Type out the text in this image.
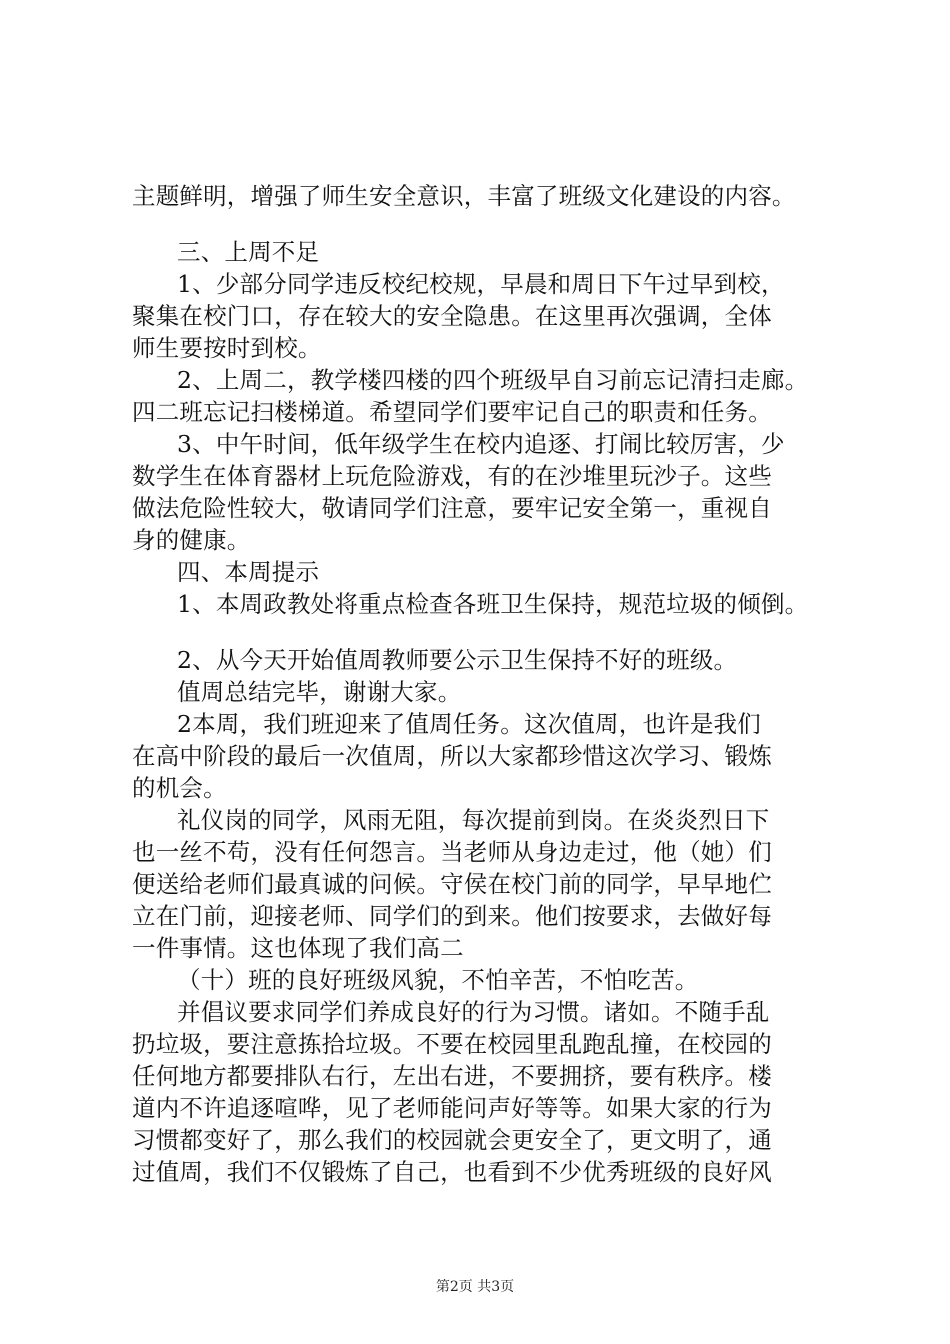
主题鲜明，增强了师生安全意识，丰富了班级文化建设的内容。
三、上周不足
1、少部分同学违反校纪校规，早晨和周日下午过早到校，
聚集在校门口，存在较大的安全隐患。在这里再次强调，全体
师生要按时到校。
2、上周二，教学楼四楼的四个班级早自习前忘记清扫走廊。
四二班忘记扫楼梯道。希望同学们要牢记自己的职责和任务。
3、中午时间，低年级学生在校内追逐、打闹比较厉害，少
数学生在体育器材上玩危险游戏，有的在沙堆里玩沙子。这些
做法危险性较大，敬请同学们注意，要牢记安全第一，重视自
身的健康。
四、本周提示
1、本周政教处将重点检查各班卫生保持，规范垃圾的倾倒。
2、从今天开始值周教师要公示卫生保持不好的班级。
值周总结完毕，谢谢大家。
2本周，我们班迎来了值周任务。这次值周，也许是我们
在高中阶段的最后一次值周，所以大家都珍惜这次学习、锻炼
的机会。
礼仪岗的同学，风雨无阻，每次提前到岗。在炎炎烈日下
也一丝不苟，没有任何怨言。当老师从身边走过，他（她）们
便送给老师们最真诚的问候。守侯在校门前的同学，早早地伫
立在门前，迎接老师、同学们的到来。他们按要求，去做好每
一件事情。这也体现了我们高二
（十）班的良好班级风貌，不怕辛苦，不怕吃苦。
并倡议要求同学们养成良好的行为习惯。诸如。不随手乱
扔垃圾，要注意拣拾垃圾。不要在校园里乱跑乱撞，在校园的
任何地方都要排队右行，左出右进，不要拥挤，要有秩序。楼
道内不许追逐喧哗，见了老师能问声好等等。如果大家的行为
习惯都变好了，那么我们的校园就会更安全了，更文明了，通
过值周，我们不仅锻炼了自己，也看到不少优秀班级的良好风
第2页 共3页
